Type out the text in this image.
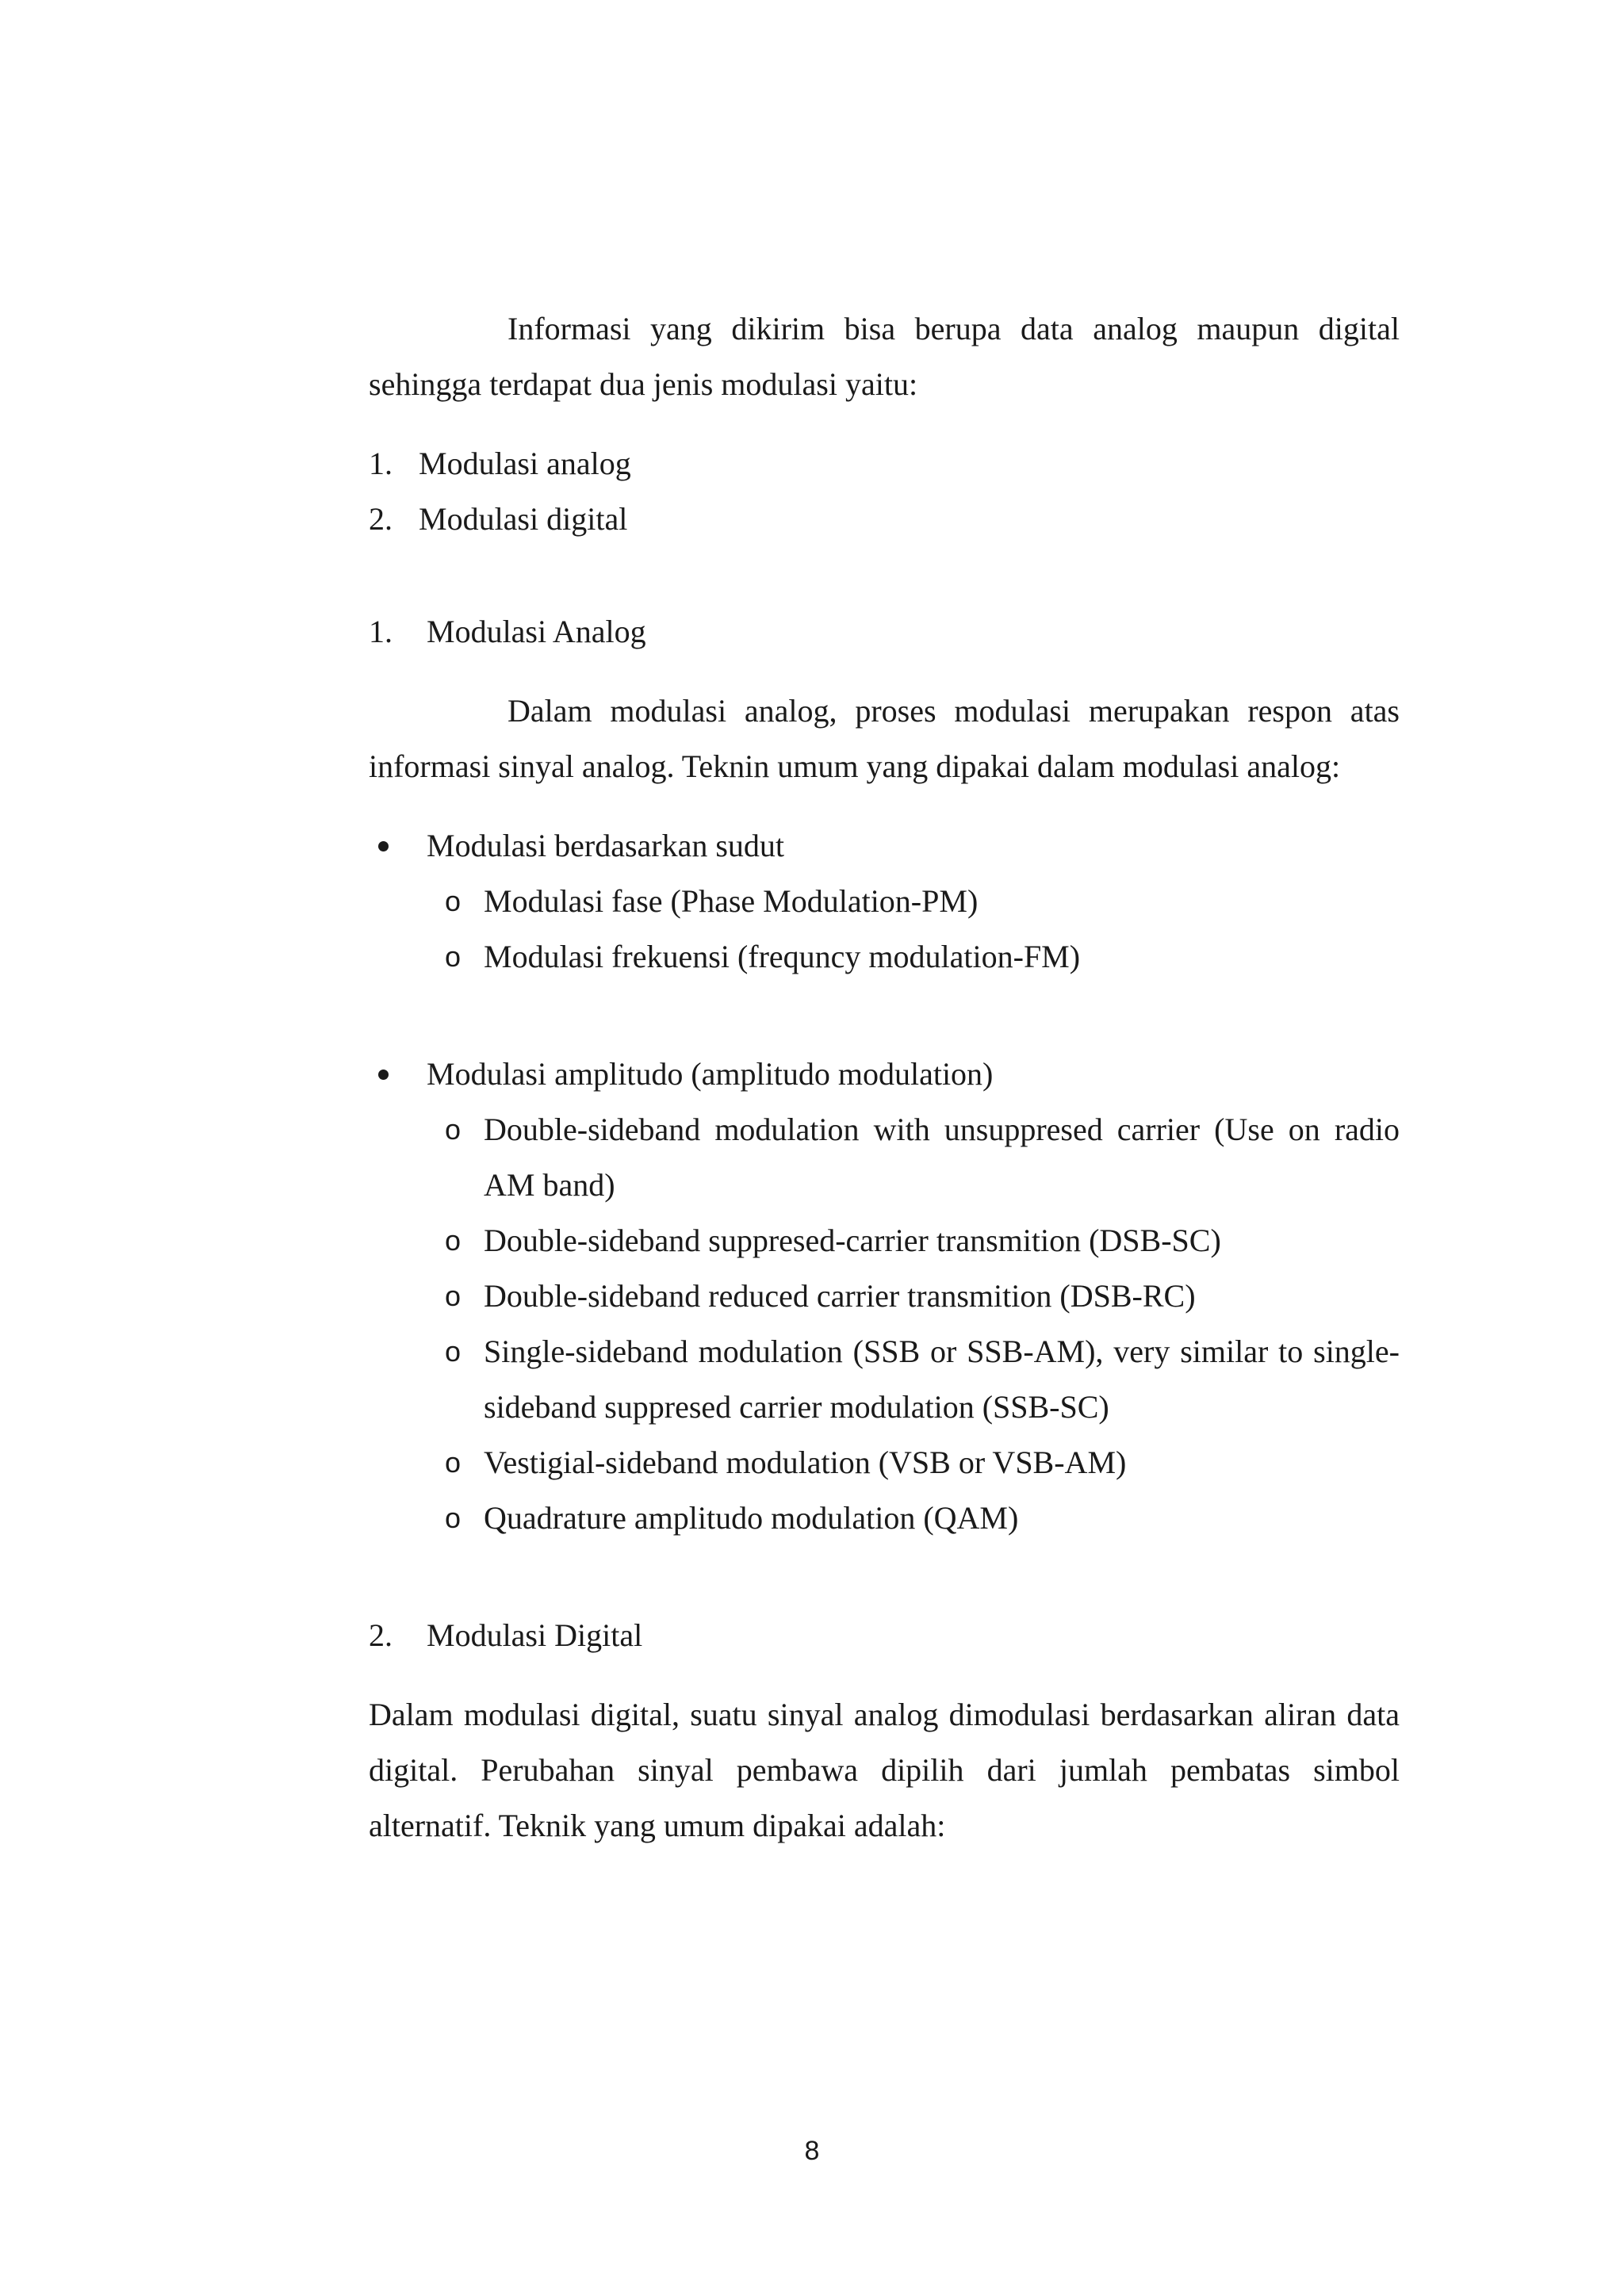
Informasi yang dikirim bisa berupa data analog maupun digital sehingga terdapat dua jenis modulasi yaitu:

1. Modulasi analog
2. Modulasi digital

1. Modulasi Analog

Dalam modulasi analog, proses modulasi merupakan respon atas informasi sinyal analog. Teknin umum yang dipakai dalam modulasi analog:

Modulasi berdasarkan sudut
o Modulasi fase (Phase Modulation-PM)
o Modulasi frekuensi (frequncy modulation-FM)
Modulasi amplitudo (amplitudo modulation)
o Double-sideband modulation with unsuppresed carrier (Use on radio AM band)
o Double-sideband suppresed-carrier transmition (DSB-SC)
o Double-sideband reduced carrier transmition (DSB-RC)
o Single-sideband modulation (SSB or SSB-AM), very similar to single-sideband suppresed carrier modulation (SSB-SC)
o Vestigial-sideband modulation (VSB or VSB-AM)
o Quadrature amplitudo modulation (QAM)

2. Modulasi Digital

Dalam modulasi digital, suatu sinyal analog dimodulasi berdasarkan aliran data digital. Perubahan sinyal pembawa dipilih dari jumlah pembatas simbol alternatif. Teknik yang umum dipakai adalah:

8
